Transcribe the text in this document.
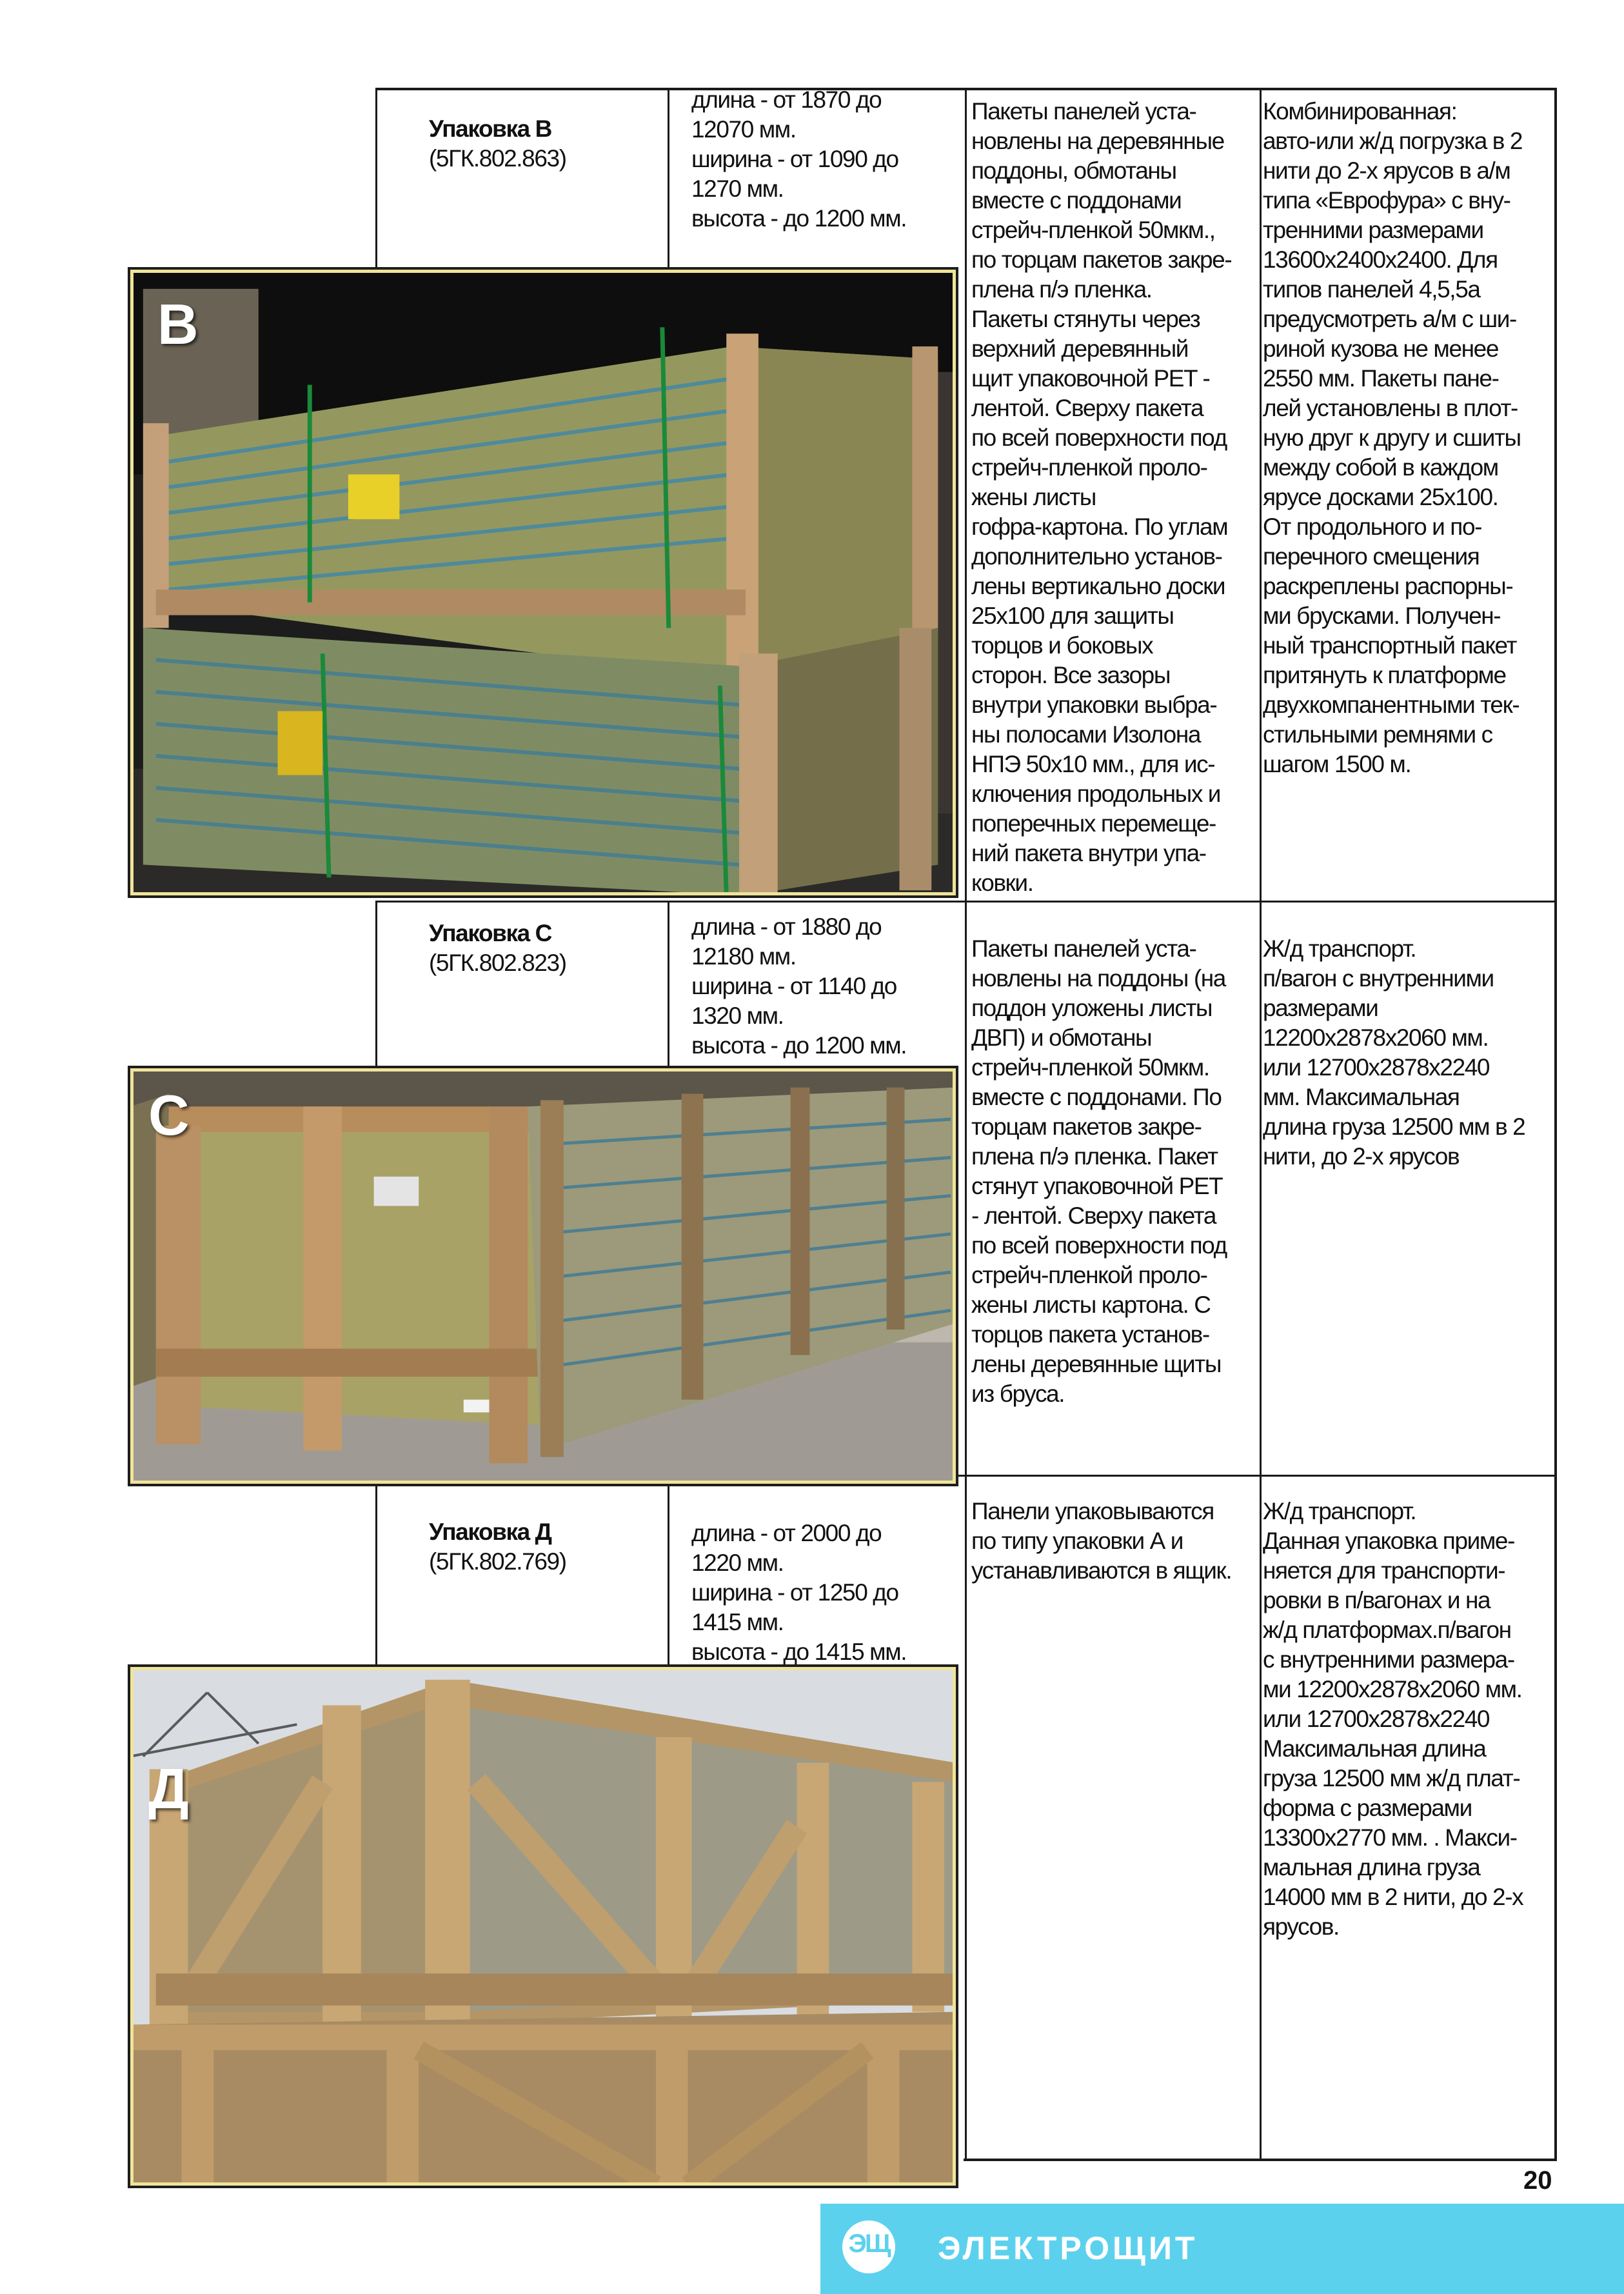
Упаковка В
(5ГК.802.863)
длина - от 1870 до
12070 мм.
ширина - от 1090 до
1270 мм.
высота - до 1200 мм.
Пакеты панелей уста-
новлены на деревянные
поддоны, обмотаны
вместе с поддонами
стрейч-пленкой 50мкм.,
по торцам пакетов закре-
плена п/э пленка.
Пакеты стянуты через
верхний деревянный
щит упаковочной PET -
лентой. Сверху пакета
по всей поверхности под
стрейч-пленкой проло-
жены листы
гофра-картона. По углам
дополнительно установ-
лены вертикально доски
25x100 для защиты
торцов и боковых
сторон. Все зазоры
внутри упаковки выбра-
ны полосами Изолона
НПЭ 50x10 мм., для ис-
ключения продольных и
поперечных перемеще-
ний пакета внутри упа-
ковки.
Комбинированная:
авто-или ж/д погрузка в 2
нити до 2-х ярусов в а/м
типа «Еврофура» с вну-
тренними размерами
13600x2400x2400. Для
типов панелей 4,5,5а
предусмотреть а/м с ши-
риной кузова не менее
2550 мм. Пакеты пане-
лей установлены в плот-
ную друг к другу и сшиты
между собой в каждом
ярусе досками 25x100.
От продольного и по-
перечного смещения
раскреплены распорны-
ми брусками. Получен-
ный транспортный пакет
притянуть к платформе
двухкомпанентными тек-
стильными ремнями с
шагом 1500 м.
В
Упаковка С
(5ГК.802.823)
длина - от 1880 до
12180 мм.
ширина - от 1140 до
1320 мм.
высота - до 1200 мм.
Пакеты панелей уста-
новлены на поддоны (на
поддон уложены листы
ДВП) и обмотаны
стрейч-пленкой 50мкм.
вместе с поддонами. По
торцам пакетов закре-
плена п/э пленка. Пакет
стянут упаковочной PET
- лентой. Сверху пакета
по всей поверхности под
стрейч-пленкой проло-
жены листы картона. С
торцов пакета установ-
лены деревянные щиты
из бруса.
Ж/д транспорт.
п/вагон с внутренними
размерами
12200x2878x2060 мм.
или 12700x2878x2240
мм. Максимальная
длина груза 12500 мм в 2
нити, до 2-х ярусов
С
Упаковка Д
(5ГК.802.769)
длина - от 2000 до
1220 мм.
ширина - от 1250 до
1415 мм.
высота - до 1415 мм.
Панели упаковываются
по типу упаковки А и
устанавливаются в ящик.
Ж/д транспорт.
Данная упаковка приме-
няется для транспорти-
ровки в п/вагонах и на
ж/д платформах.п/вагон
с внутренними размера-
ми 12200x2878x2060 мм.
или 12700x2878x2240
Максимальная длина
груза 12500 мм ж/д плат-
форма с размерами
13300x2770 мм. . Макси-
мальная длина груза
14000 мм в 2 нити, до 2-х
ярусов.
Д
20
ЭЩ ЭЛЕКТРОЩИТ
